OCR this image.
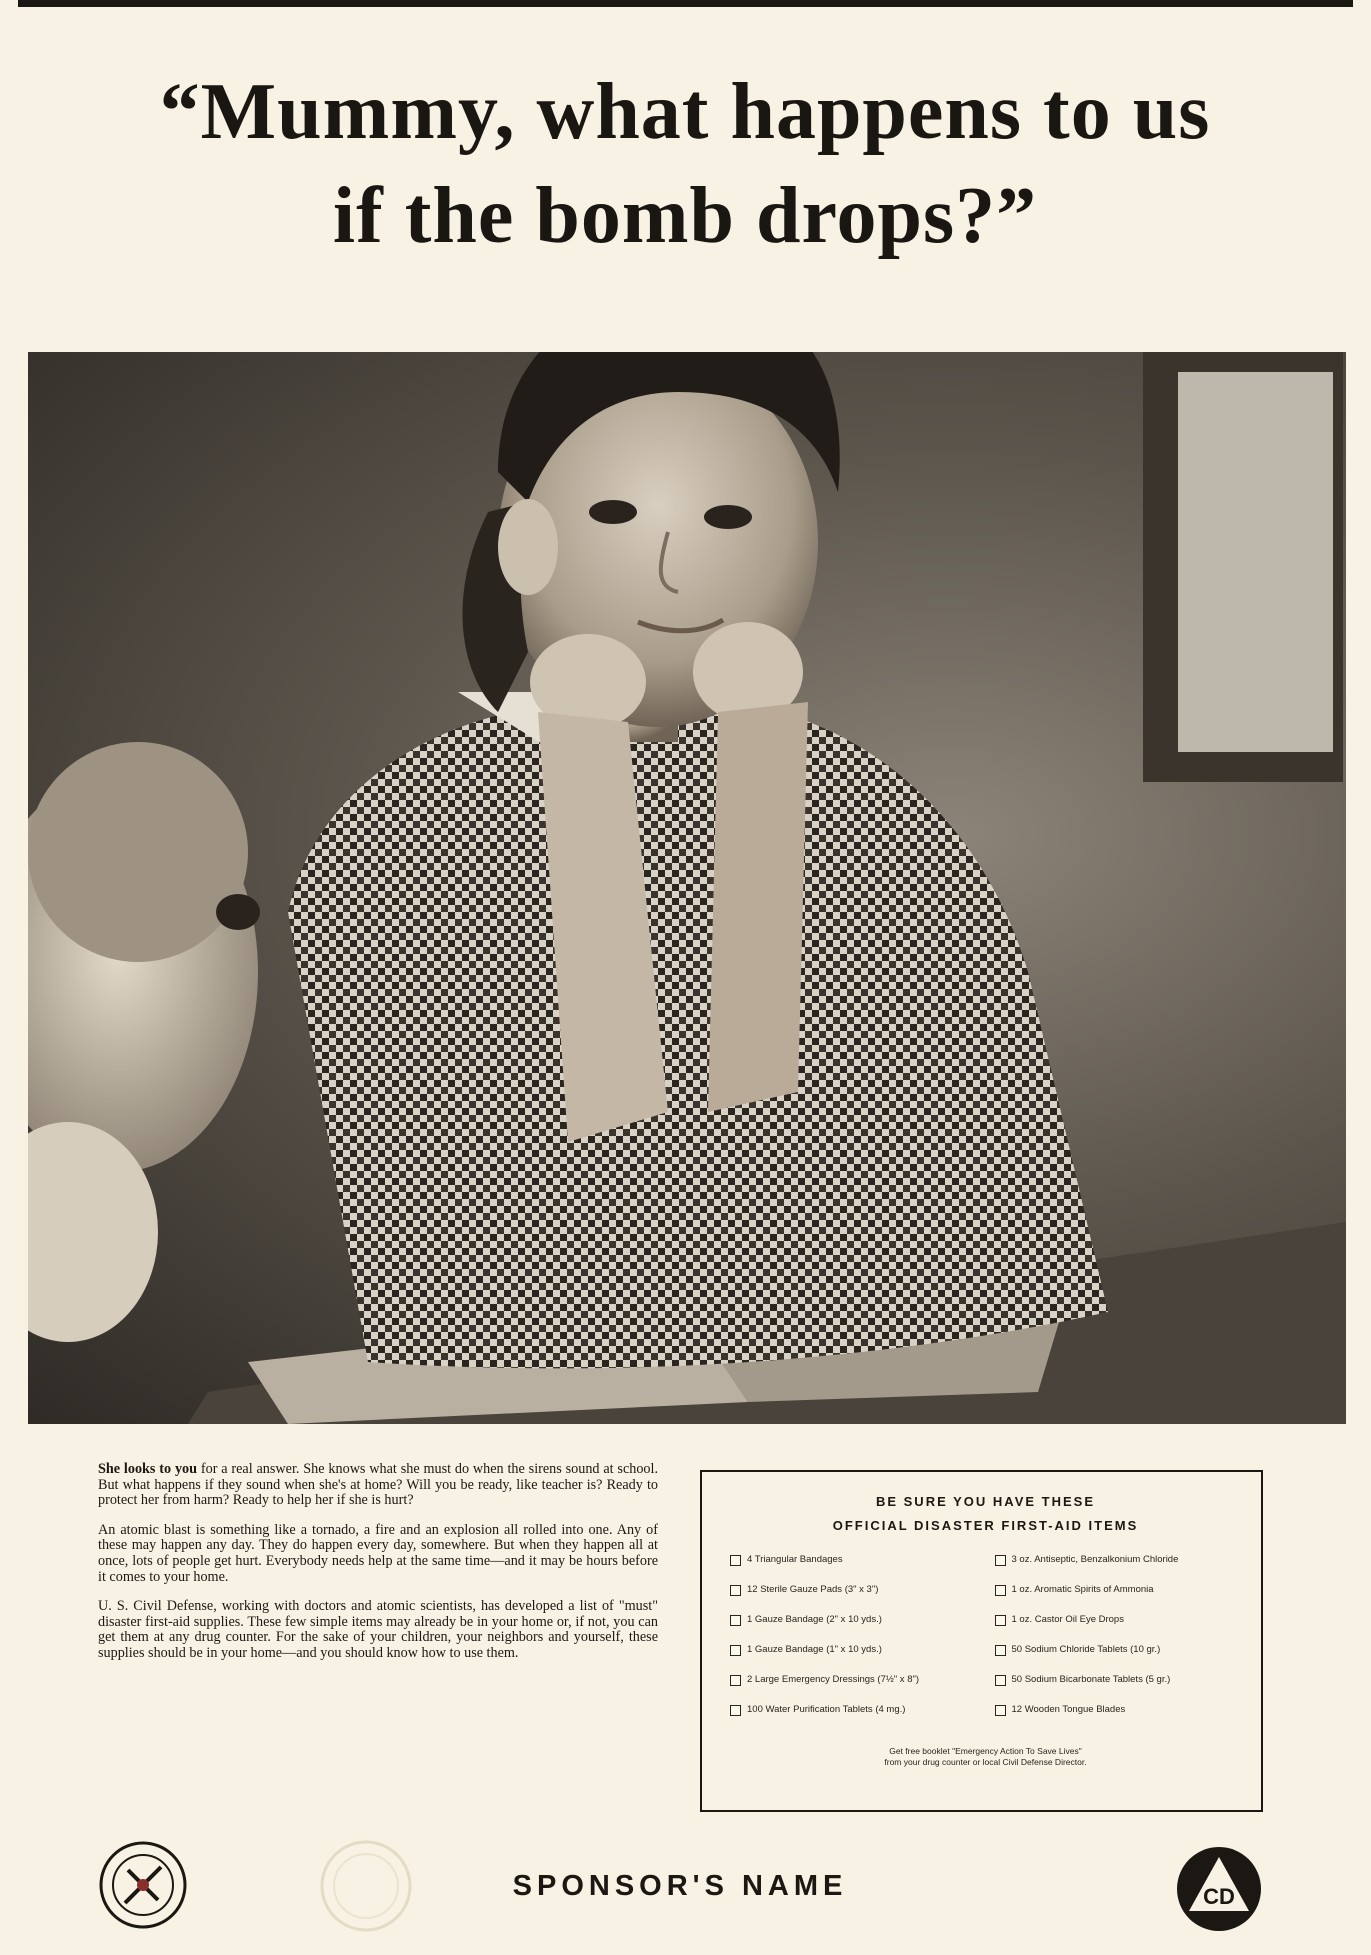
“Mummy, what happens to us
if the bomb drops?”

She looks to you for a real answer. She knows what she must do when the sirens sound at school. But what happens if they sound when she's at home? Will you be ready, like teacher is? Ready to protect her from harm? Ready to help her if she is hurt?

An atomic blast is something like a tornado, a fire and an explosion all rolled into one. Any of these may happen any day. They do happen every day, somewhere. But when they happen all at once, lots of people get hurt. Everybody needs help at the same time—and it may be hours before it comes to your home.

U. S. Civil Defense, working with doctors and atomic scientists, has developed a list of "must" disaster first-aid supplies. These few simple items may already be in your home or, if not, you can get them at any drug counter. For the sake of your children, your neighbors and yourself, these supplies should be in your home—and you should know how to use them.

BE SURE YOU HAVE THESE
OFFICIAL DISASTER FIRST-AID ITEMS
4 Triangular Bandages
12 Sterile Gauze Pads (3" x 3")
1 Gauze Bandage (2" x 10 yds.)
1 Gauze Bandage (1" x 10 yds.)
2 Large Emergency Dressings (7½" x 8")
100 Water Purification Tablets (4 mg.)
3 oz. Antiseptic, Benzalkonium Chloride
1 oz. Aromatic Spirits of Ammonia
1 oz. Castor Oil Eye Drops
50 Sodium Chloride Tablets (10 gr.)
50 Sodium Bicarbonate Tablets (5 gr.)
12 Wooden Tongue Blades
Get free booklet "Emergency Action To Save Lives"
from your drug counter or local Civil Defense Director.
SPONSOR'S NAME	CD
